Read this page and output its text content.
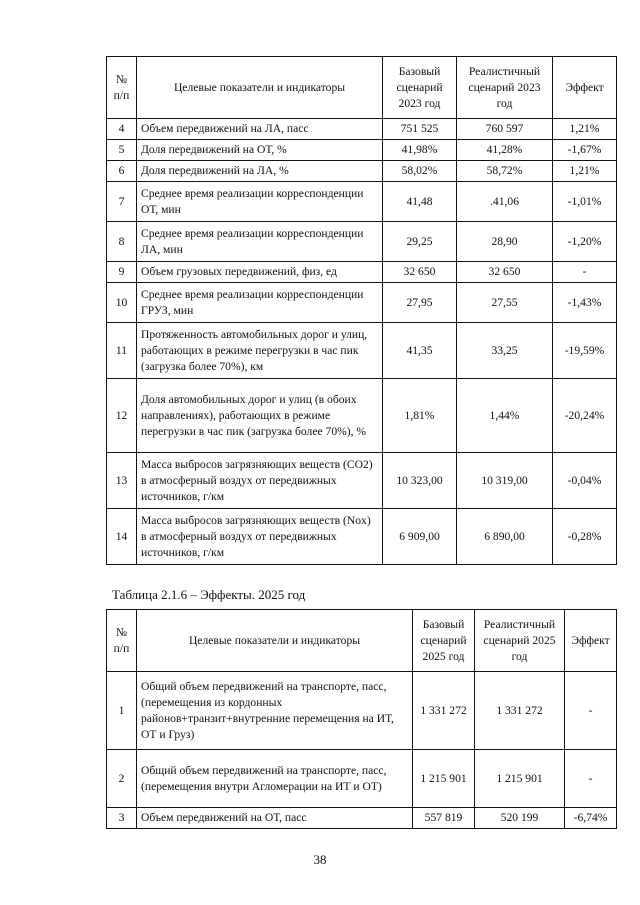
№ п/п	Целевые показатели и индикаторы	Базовый сценарий 2023 год	Реалистичный сценарий 2023 год	Эффект
4	Объем передвижений на ЛА, пасс	751 525	760 597	1,21%
5	Доля передвижений на ОТ, %	41,98%	41,28%	-1,67%
6	Доля передвижений на ЛА, %	58,02%	58,72%	1,21%
7	Среднее время реализации корреспонденции ОТ, мин	41,48	.41,06	-1,01%
8	Среднее время реализации корреспонденции ЛА, мин	29,25	28,90	-1,20%
9	Объем грузовых передвижений, физ, ед	32 650	32 650	-
10	Среднее время реализации корреспонденции ГРУЗ, мин	27,95	27,55	-1,43%
11	Протяженность автомобильных дорог и улиц, работающих в режиме перегрузки в час пик (загрузка более 70%), км	41,35	33,25	-19,59%
12	Доля автомобильных дорог и улиц (в обоих направлениях), работающих в режиме перегрузки в час пик (загрузка более 70%), %	1,81%	1,44%	-20,24%
13	Масса выбросов загрязняющих веществ (СО2) в атмосферный воздух от передвижных источников, г/км	10 323,00	10 319,00	-0,04%
14	Масса выбросов загрязняющих веществ (Nox) в атмосферный воздух от передвижных источников, г/км	6 909,00	6 890,00	-0,28%
Таблица 2.1.6 – Эффекты. 2025 год
№ п/п	Целевые показатели и индикаторы	Базовый сценарий 2025 год	Реалистичный сценарий 2025 год	Эффект
1	Общий объем передвижений на транспорте, пасс, (перемещения из кордонных районов+транзит+внутренние перемещения на ИТ, ОТ и Груз)	1 331 272	1 331 272	-
2	Общий объем передвижений на транспорте, пасс, (перемещения внутри Агломерации на ИТ и ОТ)	1 215 901	1 215 901	-
3	Объем передвижений на ОТ, пасс	557 819	520 199	-6,74%
38
